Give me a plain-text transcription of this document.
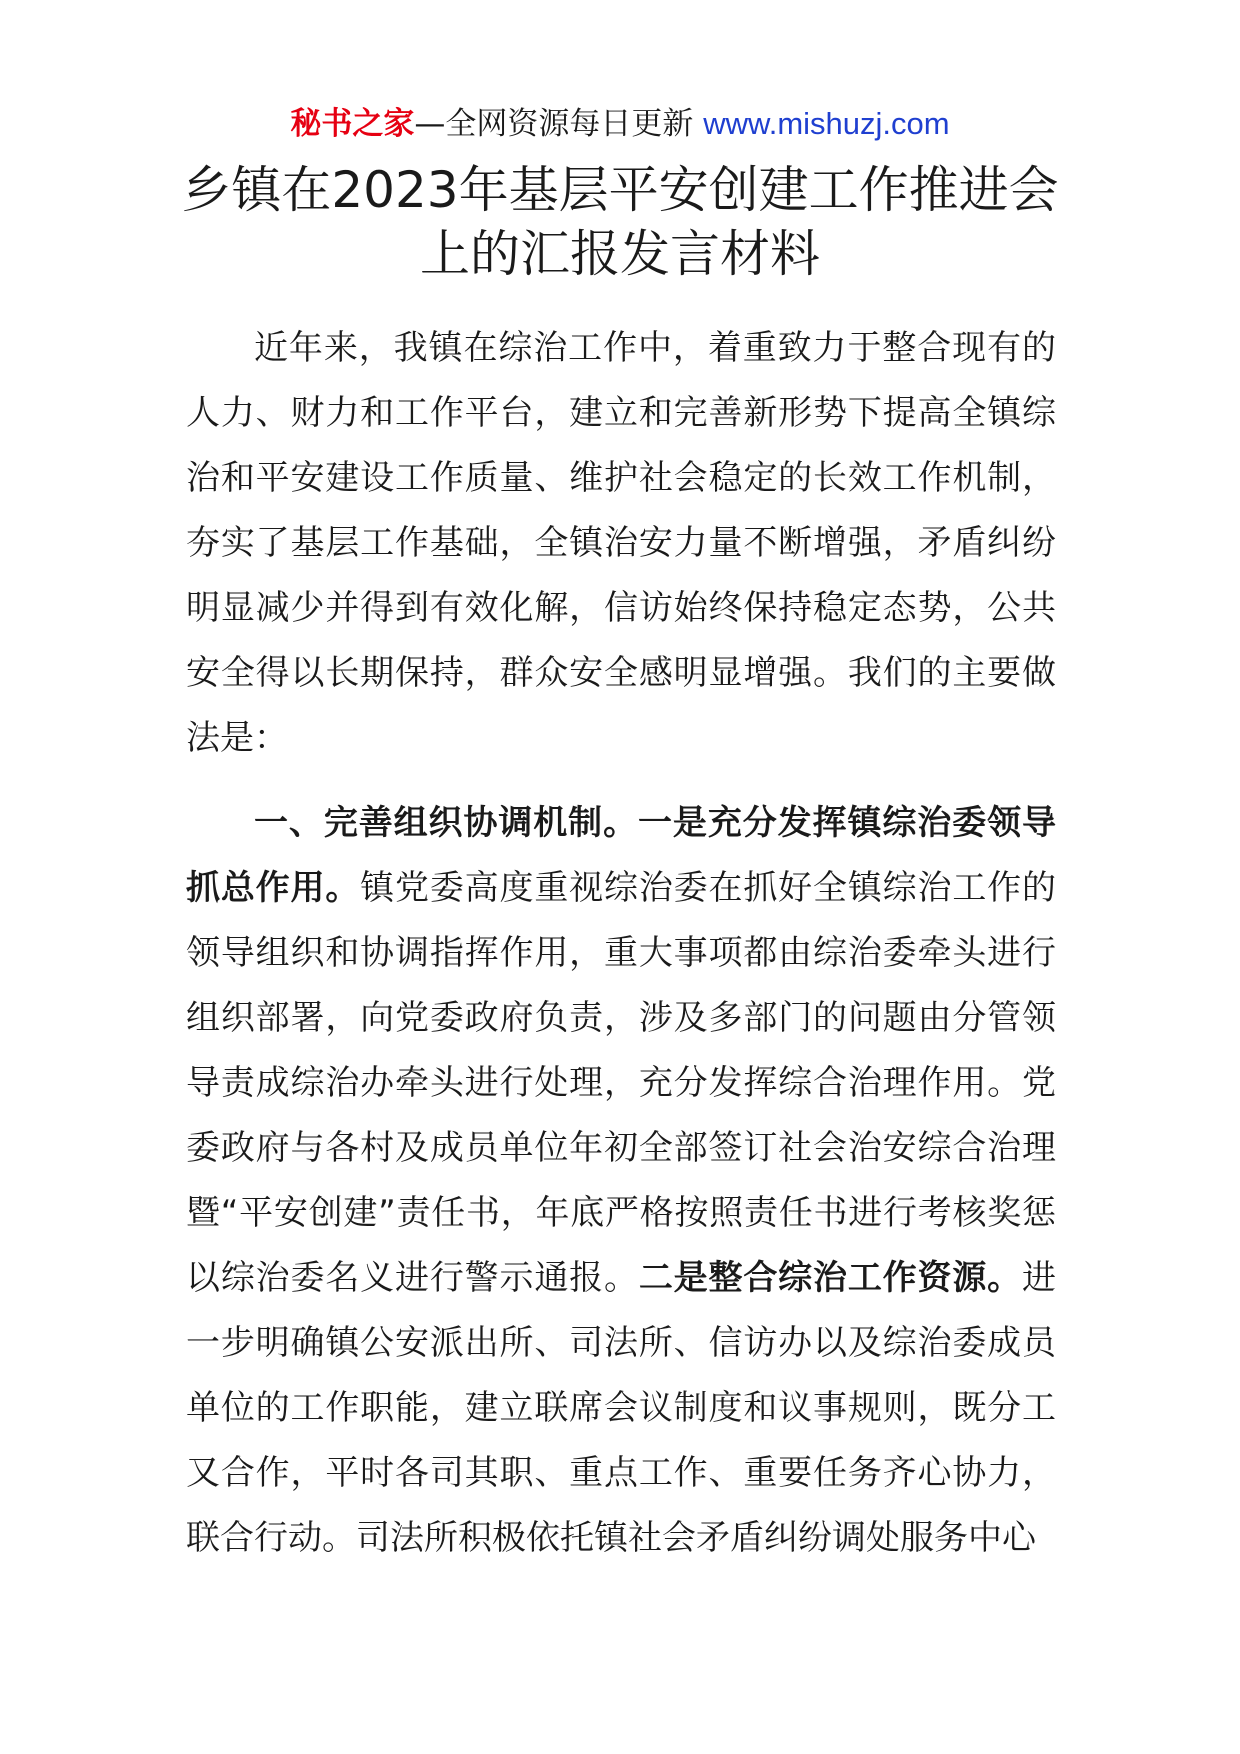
秘书之家—全网资源每日更新 www.mishuzj.com
乡镇在2023年基层平安创建工作推进会上的汇报发言材料

近年来，我镇在综治工作中，着重致力于整合现有的人力、财力和工作平台，建立和完善新形势下提高全镇综治和平安建设工作质量、维护社会稳定的长效工作机制，夯实了基层工作基础，全镇治安力量不断增强，矛盾纠纷明显减少并得到有效化解，信访始终保持稳定态势，公共安全得以长期保持，群众安全感明显增强。我们的主要做法是：

一、完善组织协调机制。一是充分发挥镇综治委领导抓总作用。镇党委高度重视综治委在抓好全镇综治工作的领导组织和协调指挥作用，重大事项都由综治委牵头进行组织部署，向党委政府负责，涉及多部门的问题由分管领导责成综治办牵头进行处理，充分发挥综合治理作用。党委政府与各村及成员单位年初全部签订社会治安综合治理暨“平安创建”责任书，年底严格按照责任书进行考核奖惩以综治委名义进行警示通报。二是整合综治工作资源。进一步明确镇公安派出所、司法所、信访办以及综治委成员单位的工作职能，建立联席会议制度和议事规则，既分工又合作，平时各司其职、重点工作、重要任务齐心协力，联合行动。司法所积极依托镇社会矛盾纠纷调处服务中心
